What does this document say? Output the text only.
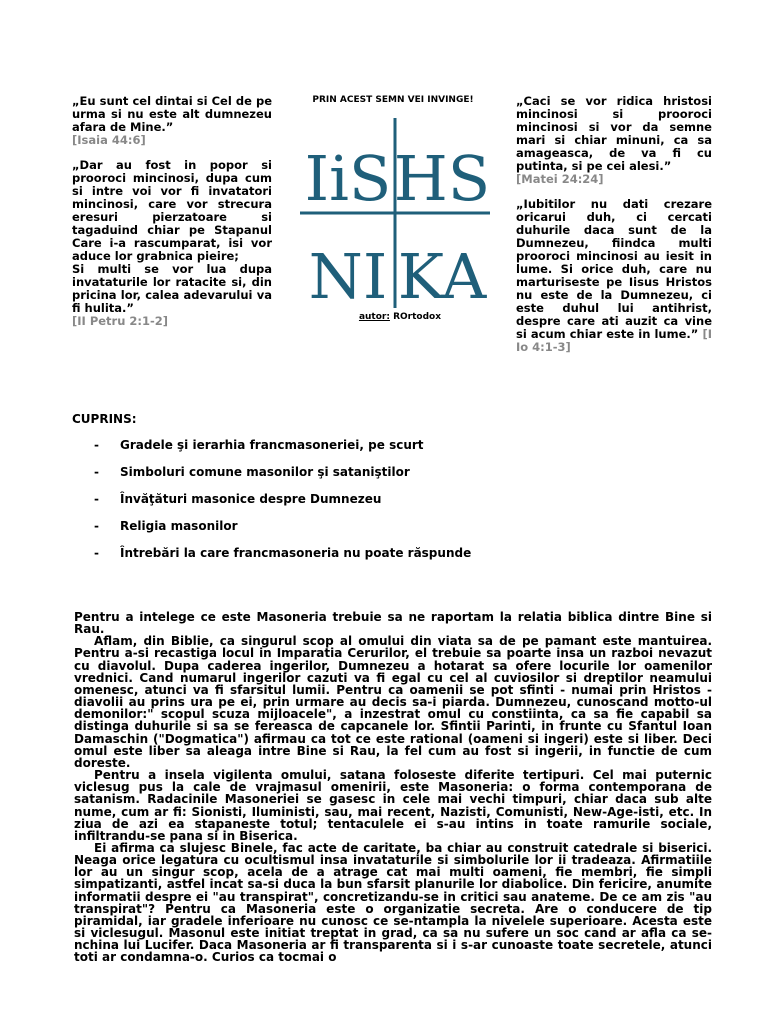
„Eu sunt cel dintai si Cel de pe urma si nu este alt dumnezeu afara de Mine.”

[Isaia 44:6]

„Dar au fost in popor si prooroci mincinosi, dupa cum si intre voi vor fi invatatori mincinosi, care vor strecura eresuri pierzatoare si tagaduind chiar pe Stapanul Care i-a rascumparat, isi vor aduce lor grabnica pieire;

Si multi se vor lua dupa invataturile lor ratacite si, din pricina lor, calea adevarului va fi hulita.”

[II Petru 2:1-2]

PRIN ACEST SEMN VEI INVINGE!
IiS HS
NI KA
autor: ROrtodox

„Caci se vor ridica hristosi mincinosi si prooroci mincinosi si vor da semne mari si chiar minuni, ca sa amageasca, de va fi cu putinta, si pe cei alesi.”

[Matei 24:24]

„Iubitilor nu dati crezare oricarui duh, ci cercati duhurile daca sunt de la Dumnezeu, fiindca multi prooroci mincinosi au iesit in lume. Si orice duh, care nu marturiseste pe Iisus Hristos nu este de la Dumnezeu, ci este duhul lui antihrist, despre care ati auzit ca vine si acum chiar este in lume.” [I Io 4:1-3]

CUPRINS:
- Gradele şi ierarhia francmasoneriei, pe scurt
- Simboluri comune masonilor şi sataniştilor
- Învăţături masonice despre Dumnezeu
- Religia masonilor
- Întrebări la care francmasoneria nu poate răspunde

Pentru a intelege ce este Masoneria trebuie sa ne raportam la relatia biblica dintre Bine si Rau.

Aflam, din Biblie, ca singurul scop al omului din viata sa de pe pamant este mantuirea. Pentru a-si recastiga locul in Imparatia Cerurilor, el trebuie sa poarte insa un razboi nevazut cu diavolul. Dupa caderea ingerilor, Dumnezeu a hotarat sa ofere locurile lor oamenilor vrednici. Cand numarul ingerilor cazuti va fi egal cu cel al cuviosilor si dreptilor neamului omenesc, atunci va fi sfarsitul lumii. Pentru ca oamenii se pot sfinti - numai prin Hristos - diavolii au prins ura pe ei, prin urmare au decis sa-i piarda. Dumnezeu, cunoscand motto-ul demonilor:" scopul scuza mijloacele", a inzestrat omul cu constiinta, ca sa fie capabil sa distinga duhurile si sa se fereasca de capcanele lor. Sfintii Parinti, in frunte cu Sfantul Ioan Damaschin ("Dogmatica") afirmau ca tot ce este rational (oameni si ingeri) este si liber. Deci omul este liber sa aleaga intre Bine si Rau, la fel cum au fost si ingerii, in functie de cum doreste.

Pentru a insela vigilenta omului, satana foloseste diferite tertipuri. Cel mai puternic viclesug pus la cale de vrajmasul omenirii, este Masoneria: o forma contemporana de satanism. Radacinile Masoneriei se gasesc in cele mai vechi timpuri, chiar daca sub alte nume, cum ar fi: Sionisti, Iluministi, sau, mai recent, Nazisti, Comunisti, New-Age-isti, etc. In ziua de azi ea stapaneste totul; tentaculele ei s-au intins in toate ramurile sociale, infiltrandu-se pana si in Biserica.

Ei afirma ca slujesc Binele, fac acte de caritate, ba chiar au construit catedrale si biserici. Neaga orice legatura cu ocultismul insa invataturile si simbolurile lor ii tradeaza. Afirmatiile lor au un singur scop, acela de a atrage cat mai multi oameni, fie membri, fie simpli simpatizanti, astfel incat sa-si duca la bun sfarsit planurile lor diabolice. Din fericire, anumite informatii despre ei "au transpirat", concretizandu-se in critici sau anateme. De ce am zis "au transpirat"? Pentru ca Masoneria este o organizatie secreta. Are o conducere de tip piramidal, iar gradele inferioare nu cunosc ce se-ntampla la nivelele superioare. Acesta este si viclesugul. Masonul este initiat treptat in grad, ca sa nu sufere un soc cand ar afla ca se-nchina lui Lucifer. Daca Masoneria ar fi transparenta si i s-ar cunoaste toate secretele, atunci toti ar condamna-o. Curios ca tocmai o
